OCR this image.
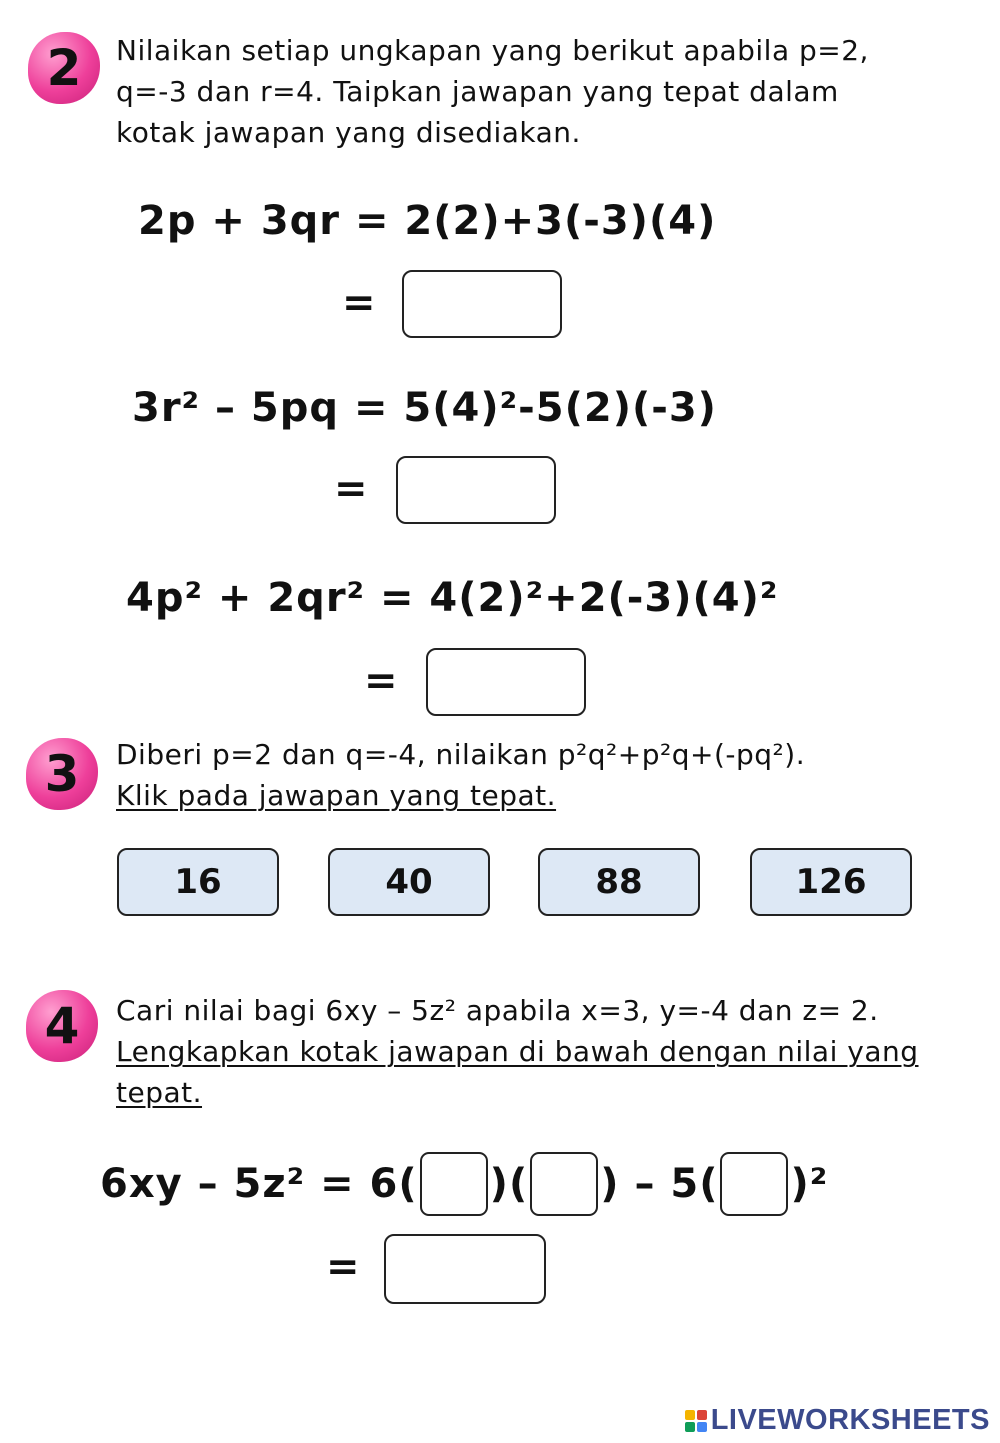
2 Nilaikan setiap ungkapan yang berikut apabila p=2,
q=-3 dan r=4. Taipkan jawapan yang tepat dalam
kotak jawapan yang disediakan.
2p + 3qr = 2(2)+3(-3)(4)
=
3r² – 5pq = 5(4)²-5(2)(-3)
=
4p² + 2qr² = 4(2)²+2(-3)(4)²
=
3 Diberi p=2 dan q=-4, nilaikan p²q²+p²q+(-pq²).
Klik pada jawapan yang tepat.
16	40	88	126
4 Cari nilai bagi 6xy – 5z² apabila x=3, y=-4 dan z= 2.
Lengkapkan kotak jawapan di bawah dengan nilai yang
tepat.
6xy – 5z² = 6( )( ) – 5( )²
=
LIVEWORKSHEETS
